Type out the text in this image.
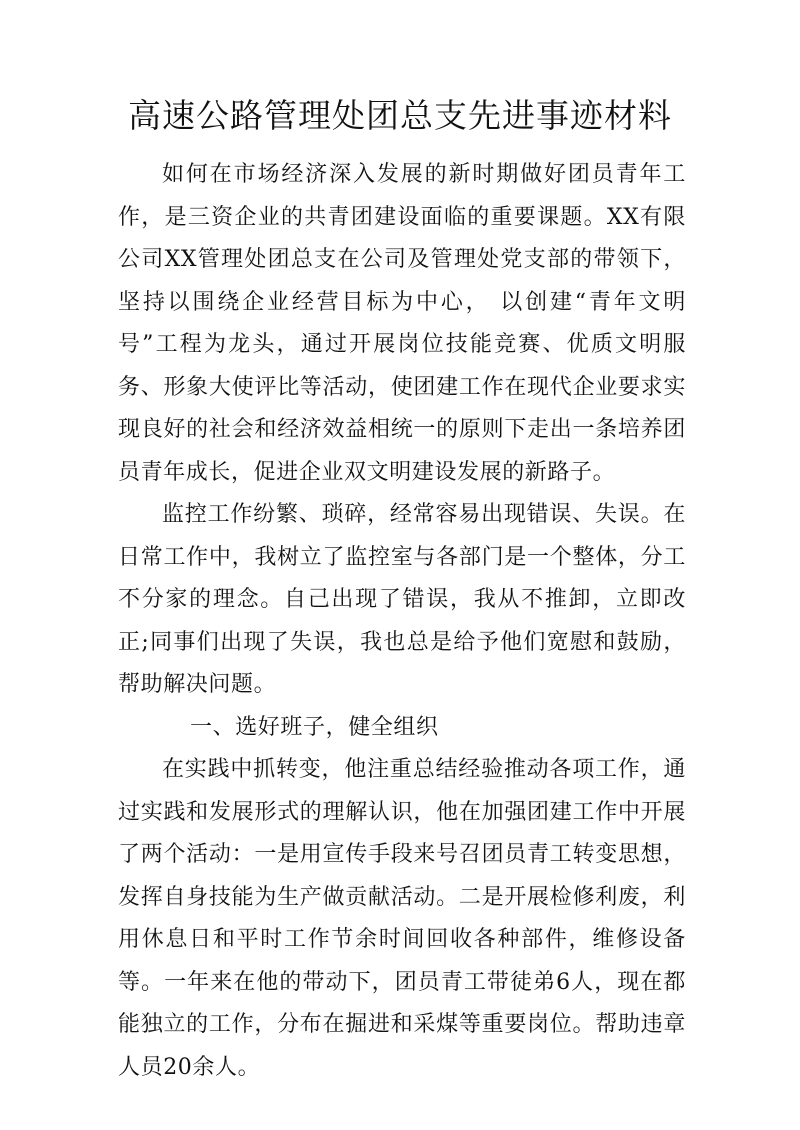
高速公路管理处团总支先进事迹材料

如何在市场经济深入发展的新时期做好团员青年工作，是三资企业的共青团建设面临的重要课题。XX有限公司XX管理处团总支在公司及管理处党支部的带领下，坚持以围绕企业经营目标为中心， 以创建“青年文明号”工程为龙头，通过开展岗位技能竞赛、优质文明服务、形象大使评比等活动，使团建工作在现代企业要求实现良好的社会和经济效益相统一的原则下走出一条培养团员青年成长，促进企业双文明建设发展的新路子。

监控工作纷繁、琐碎，经常容易出现错误、失误。在日常工作中，我树立了监控室与各部门是一个整体，分工不分家的理念。自己出现了错误，我从不推卸，立即改正;同事们出现了失误，我也总是给予他们宽慰和鼓励，帮助解决问题。

一、选好班子，健全组织

在实践中抓转变，他注重总结经验推动各项工作，通过实践和发展形式的理解认识，他在加强团建工作中开展了两个活动：一是用宣传手段来号召团员青工转变思想，发挥自身技能为生产做贡献活动。二是开展检修利废，利用休息日和平时工作节余时间回收各种部件，维修设备等。一年来在他的带动下，团员青工带徒弟6人，现在都能独立的工作，分布在掘进和采煤等重要岗位。帮助违章人员20余人。
